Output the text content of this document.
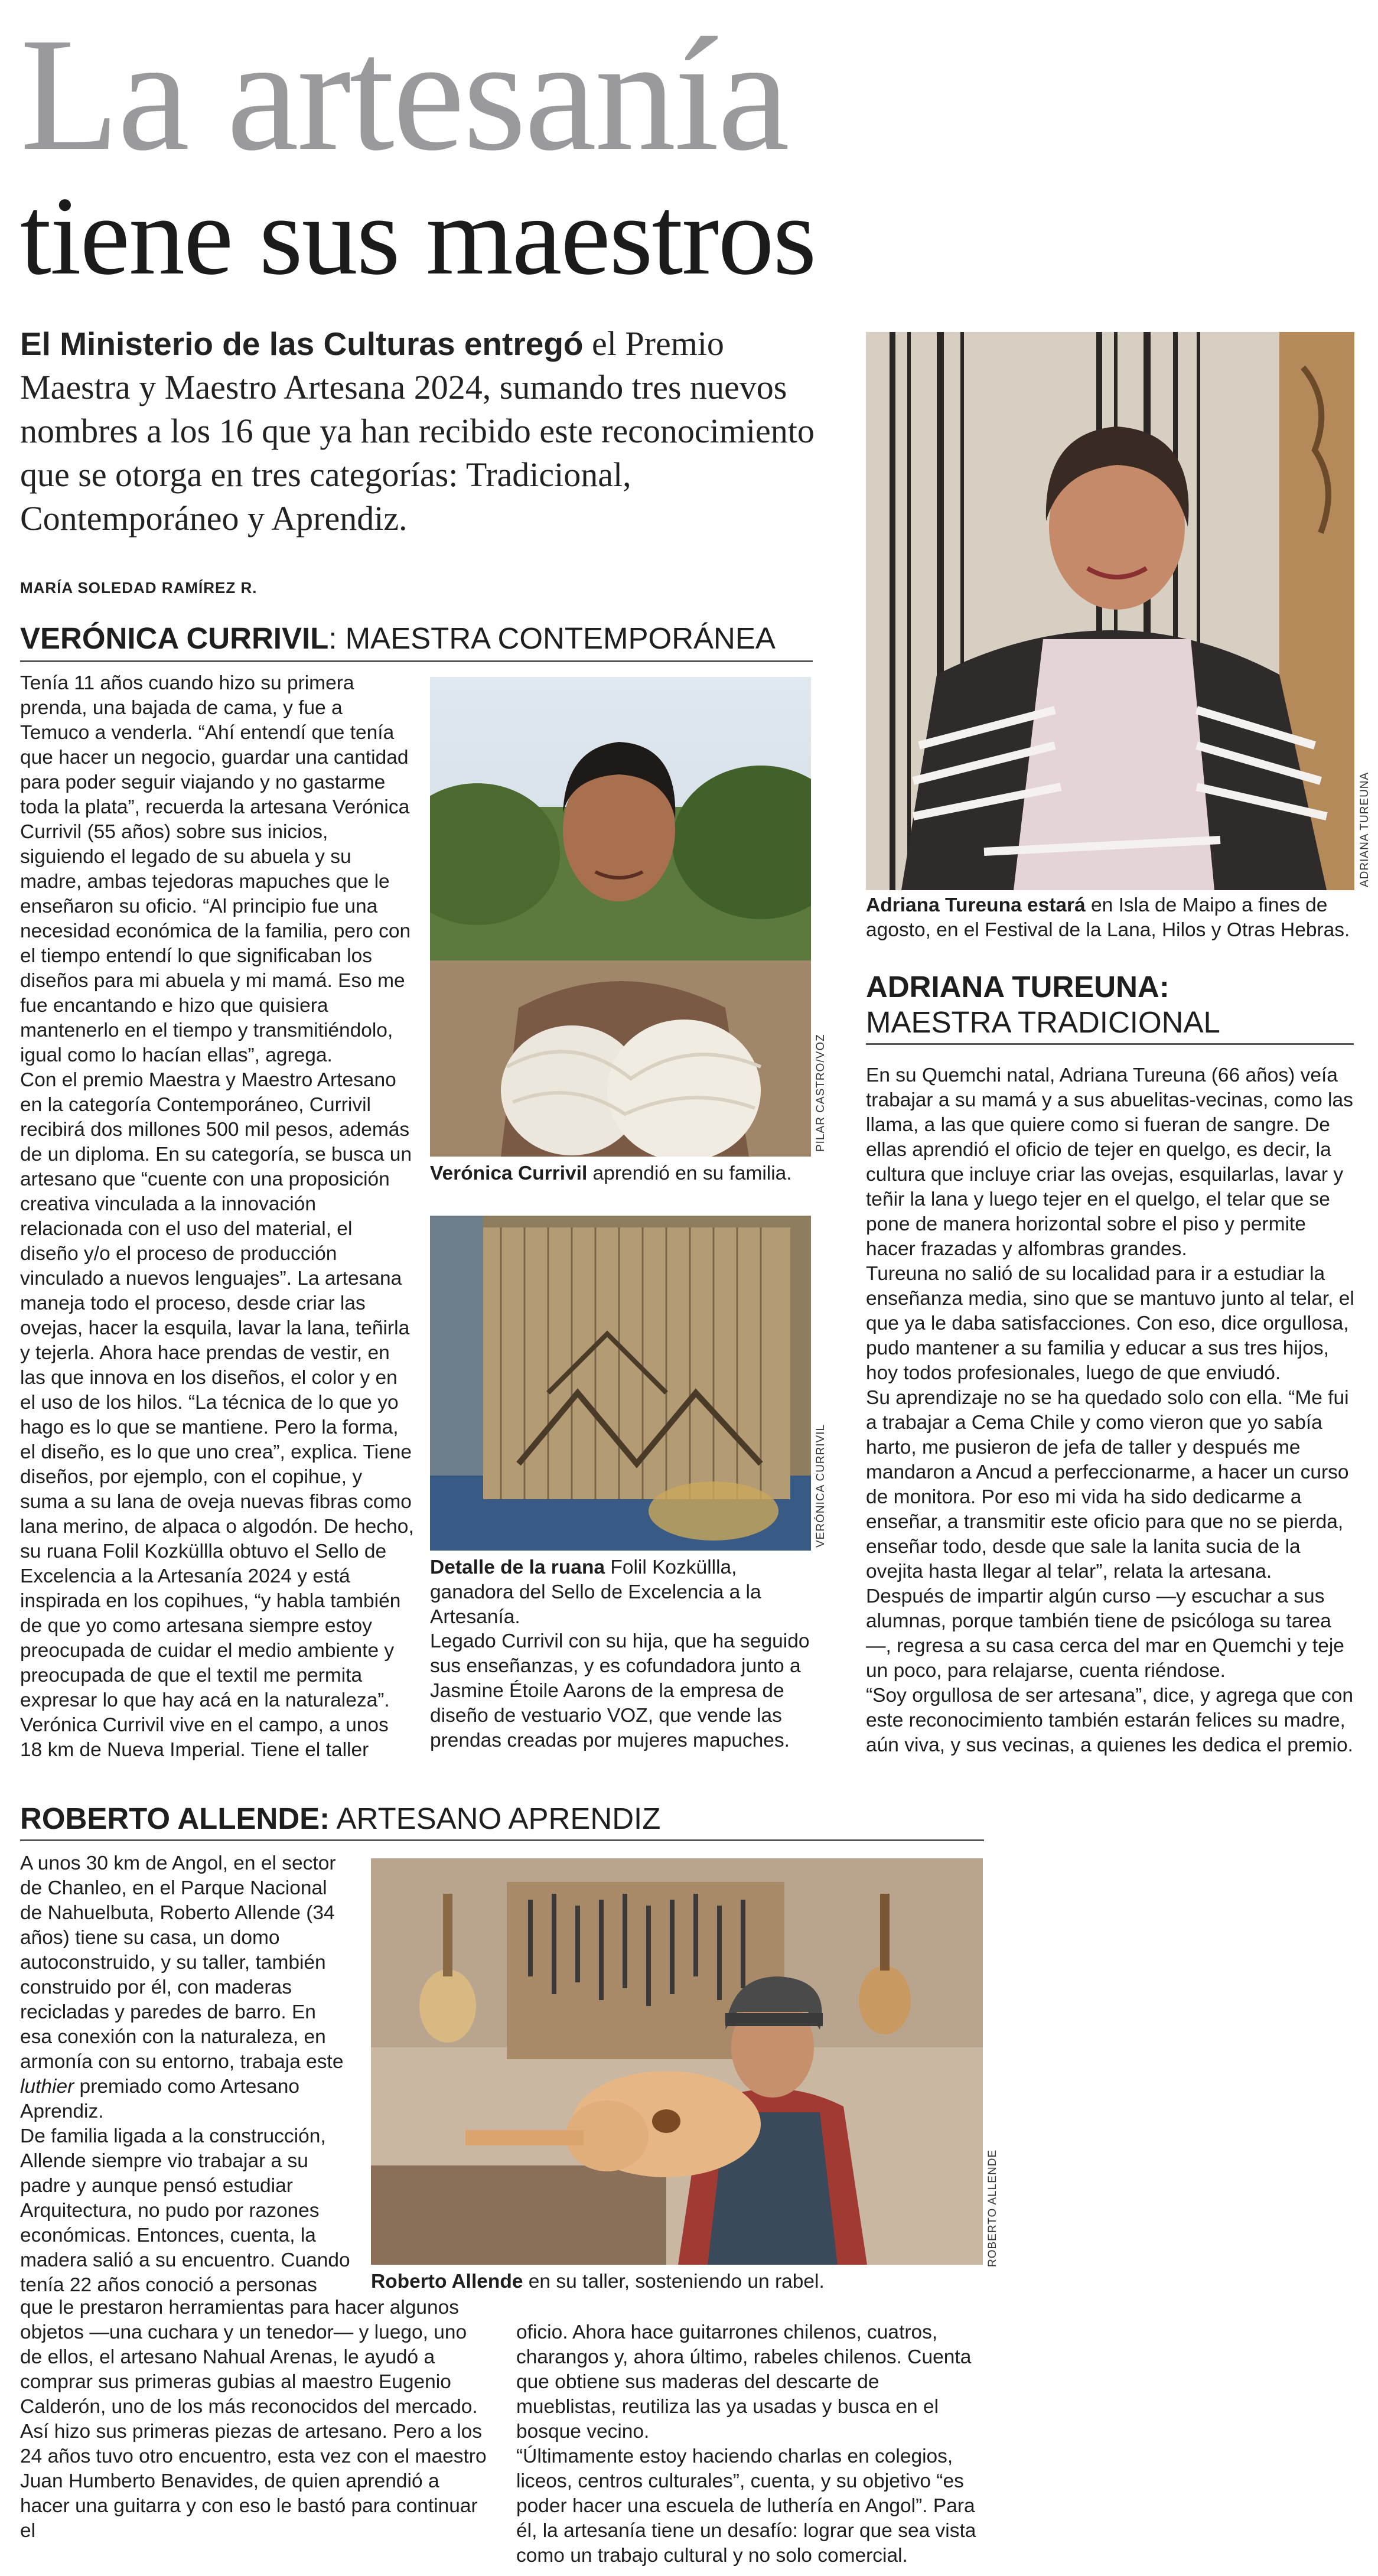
La artesanía
tiene sus maestros
El Ministerio de las Culturas entregó el Premio Maestra y Maestro Artesana 2024, sumando tres nuevos nombres a los 16 que ya han recibido este reconocimiento que se otorga en tres categorías: Tradicional, Contemporáneo y Aprendiz.
MARÍA SOLEDAD RAMÍREZ R.
VERÓNICA CURRIVIL: MAESTRA CONTEMPORÁNEA

Tenía 11 años cuando hizo su primera prenda, una bajada de cama, y fue a Temuco a venderla. “Ahí entendí que tenía que hacer un negocio, guardar una cantidad para poder seguir viajando y no gastarme toda la plata”, recuerda la artesana Verónica Currivil (55 años) sobre sus inicios, siguiendo el legado de su abuela y su madre, ambas tejedoras mapuches que le enseñaron su oficio. “Al principio fue una necesidad económica de la familia, pero con el tiempo entendí lo que significaban los diseños para mi abuela y mi mamá. Eso me fue encantando e hizo que quisiera mantenerlo en el tiempo y transmitiéndolo, igual como lo hacían ellas”, agrega.

Con el premio Maestra y Maestro Artesano en la categoría Contemporáneo, Currivil recibirá dos millones 500 mil pesos, además de un diploma. En su categoría, se busca un artesano que “cuente con una proposición creativa vinculada a la innovación relacionada con el uso del material, el diseño y/o el proceso de producción vinculado a nuevos lenguajes”. La artesana maneja todo el proceso, desde criar las ovejas, hacer la esquila, lavar la lana, teñirla y tejerla. Ahora hace prendas de vestir, en las que innova en los diseños, el color y en el uso de los hilos. “La técnica de lo que yo hago es lo que se mantiene. Pero la forma, el diseño, es lo que uno crea”, explica. Tiene diseños, por ejemplo, con el copihue, y suma a su lana de oveja nuevas fibras como lana merino, de alpaca o algodón. De hecho, su ruana Folil Kozküllla obtuvo el Sello de Excelencia a la Artesanía 2024 y está inspirada en los copihues, “y habla también de que yo como artesana siempre estoy preocupada de cuidar el medio ambiente y preocupada de que el textil me permita expresar lo que hay acá en la naturaleza”.

Verónica Currivil vive en el campo, a unos 18 km de Nueva Imperial. Tiene el taller

PILAR CASTRO/VOZ
Verónica Currivil aprendió en su familia.
VERÓNICA CURRIVIL
Detalle de la ruana Folil Kozküllla, ganadora del Sello de Excelencia a la Artesanía.

Legado Currivil con su hija, que ha seguido sus enseñanzas, y es cofundadora junto a Jasmine Étoile Aarons de la empresa de diseño de vestuario VOZ, que vende las prendas creadas por mujeres mapuches.

ADRIANA TUREUNA
Adriana Tureuna estará en Isla de Maipo a fines de agosto, en el Festival de la Lana, Hilos y Otras Hebras.
ADRIANA TUREUNA:
MAESTRA TRADICIONAL

En su Quemchi natal, Adriana Tureuna (66 años) veía trabajar a su mamá y a sus abuelitas-vecinas, como las llama, a las que quiere como si fueran de sangre. De ellas aprendió el oficio de tejer en quelgo, es decir, la cultura que incluye criar las ovejas, esquilarlas, lavar y teñir la lana y luego tejer en el quelgo, el telar que se pone de manera horizontal sobre el piso y permite hacer frazadas y alfombras grandes.

Tureuna no salió de su localidad para ir a estudiar la enseñanza media, sino que se mantuvo junto al telar, el que ya le daba satisfacciones. Con eso, dice orgullosa, pudo mantener a su familia y educar a sus tres hijos, hoy todos profesionales, luego de que enviudó.

Su aprendizaje no se ha quedado solo con ella. “Me fui a trabajar a Cema Chile y como vieron que yo sabía harto, me pusieron de jefa de taller y después me mandaron a Ancud a perfeccionarme, a hacer un curso de monitora. Por eso mi vida ha sido dedicarme a enseñar, a transmitir este oficio para que no se pierda, enseñar todo, desde que sale la lanita sucia de la ovejita hasta llegar al telar”, relata la artesana. Después de impartir algún curso —y escuchar a sus alumnas, porque también tiene de psicóloga su tarea—, regresa a su casa cerca del mar en Quemchi y teje un poco, para relajarse, cuenta riéndose.

“Soy orgullosa de ser artesana”, dice, y agrega que con este reconocimiento también estarán felices su madre, aún viva, y sus vecinas, a quienes les dedica el premio.

ROBERTO ALLENDE: ARTESANO APRENDIZ

A unos 30 km de Angol, en el sector de Chanleo, en el Parque Nacional de Nahuelbuta, Roberto Allende (34 años) tiene su casa, un domo autoconstruido, y su taller, también construido por él, con maderas recicladas y paredes de barro. En esa conexión con la naturaleza, en armonía con su entorno, trabaja este luthier premiado como Artesano Aprendiz.

De familia ligada a la construcción, Allende siempre vio trabajar a su padre y aunque pensó estudiar Arquitectura, no pudo por razones económicas. Entonces, cuenta, la madera salió a su encuentro. Cuando tenía 22 años conoció a personas

ROBERTO ALLENDE
Roberto Allende en su taller, sosteniendo un rabel.

que le prestaron herramientas para hacer algunos objetos —una cuchara y un tenedor— y luego, uno de ellos, el artesano Nahual Arenas, le ayudó a comprar sus primeras gubias al maestro Eugenio Calderón, uno de los más reconocidos del mercado.

Así hizo sus primeras piezas de artesano. Pero a los 24 años tuvo otro encuentro, esta vez con el maestro Juan Humberto Benavides, de quien aprendió a hacer una guitarra y con eso le bastó para continuar el

oficio. Ahora hace guitarrones chilenos, cuatros, charangos y, ahora último, rabeles chilenos. Cuenta que obtiene sus maderas del descarte de mueblistas, reutiliza las ya usadas y busca en el bosque vecino.

“Últimamente estoy haciendo charlas en colegios, liceos, centros culturales”, cuenta, y su objetivo “es poder hacer una escuela de luthería en Angol”. Para él, la artesanía tiene un desafío: lograr que sea vista como un trabajo cultural y no solo comercial.
